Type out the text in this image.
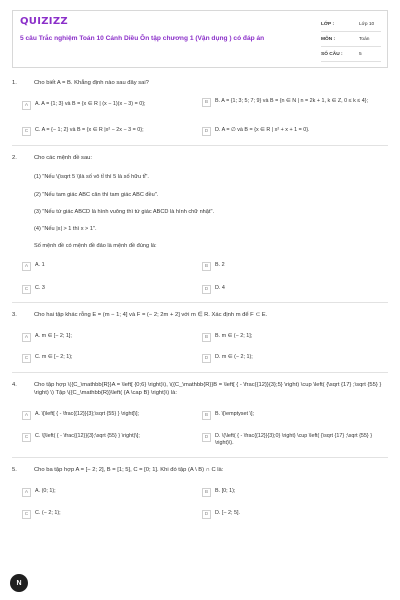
QUIZIZZ
5 câu Trắc nghiệm Toán 10 Cánh Diều Ôn tập chương 1 (Vận dụng ) có đáp án
LỚP :	Lớp 10
MÔN :	Toán
SỐ CÂU :	5
1.	Cho biết A = B. Khẳng định nào sau đây sai?
A	A. A = {1; 3} và B = {x ∈ R | (x − 1)(x − 3) = 0};	B	B. A = {1; 3; 5; 7; 9} và B = {n ∈ N | n = 2k + 1, k ∈ Z, 0 ≤ k ≤ 4};
C	C. A = {− 1; 2} và B = {x ∈ R |x² − 2x − 3 = 0};	D	D. A = ∅ và B = {x ∈ R | x² + x + 1 = 0}.
2.	Cho các mệnh đề sau:
(1) "Nếu \(\sqrt 5 \)là số vô tỉ thì 5 là số hữu tỉ".
(2) "Nếu tam giác ABC cân thì tam giác ABC đều".
(3) "Nếu tứ giác ABCD là hình vuông thì tứ giác ABCD là hình chữ nhật".
(4) "Nếu |x| > 1 thì x > 1".
Số mệnh đề có mệnh đề đảo là mệnh đề đúng là:
A	A. 1	B	B. 2
C	C. 3	D	D. 4
3.	Cho hai tập khác rỗng E = (m − 1; 4] và F = (− 2; 2m + 2] với m ∈ R. Xác định m để F ⊂ E.
A	A. m ∈ [− 2; 1];	B	B. m ∈ (− 2; 1];
C	C. m ∈ [− 2; 1);	D	D. m ∈ (− 2; 1);
4.	Cho tập hợp \({C_\mathbb{R}}A = \left[ {0;6} \right)\), \({C_\mathbb{R}}B = \left[ { - \frac{{12}}{3};5} \right) \cup \left( {\sqrt {17} ;\sqrt {55} } \right) \) Tập \({C_\mathbb{R}}\left( {A \cap B} \right)\) là:
A	A. \[\left[ { - \frac{{12}}{3};\sqrt {55} } \right]\];	B	B. \[\emptyset \];
C	C. \[\left( { - \frac{{12}}{3};\sqrt {55} } \right)\];	D	D. \(\left( { - \frac{{12}}{3};0} \right) \cup \left( {\sqrt {17} ;\sqrt {55} } \right)\).
5.	Cho ba tập hợp A = [− 2; 2], B = [1; 5], C = [0; 1]. Khi đó tập (A \ B) ∩ C là:
A	A. (0; 1);	B	B. [0; 1);
C	C. (− 2; 1);	D	D. [− 2; 5].
N
